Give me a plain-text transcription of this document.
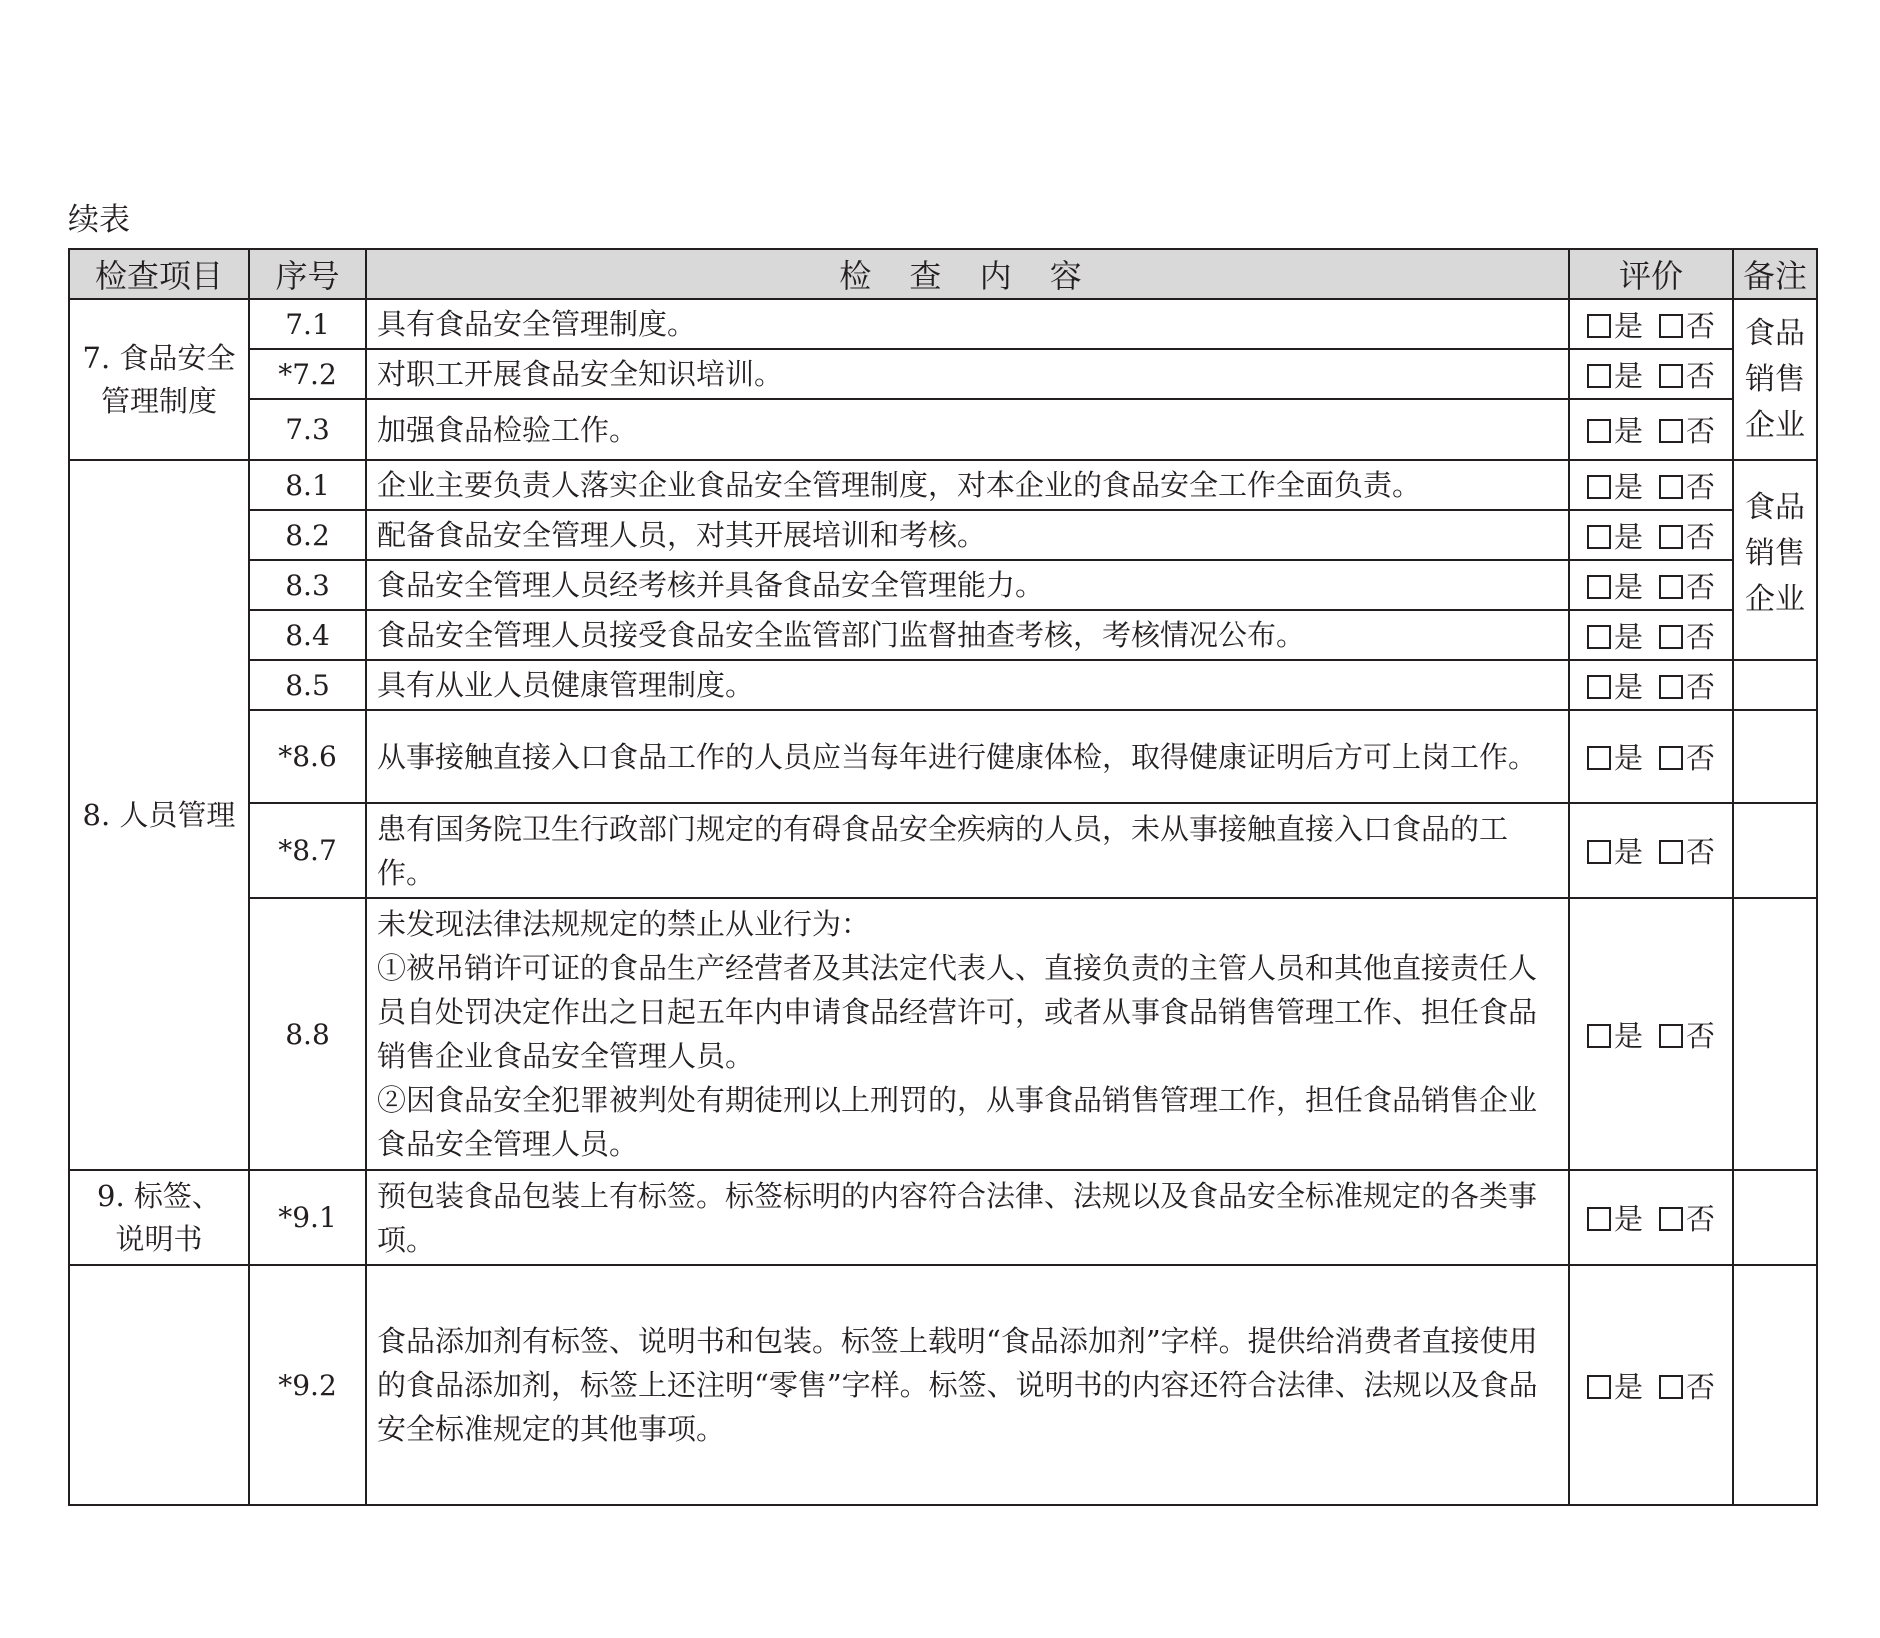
续表
检查项目	序号	检 查 内 容	评价	备注
7. 食品安全管理制度	7.1	具有食品安全管理制度。	是 否	食品销售企业
	*7.2	对职工开展食品安全知识培训。	是 否	
	7.3	加强食品检验工作。	是 否	
8. 人员管理	8.1	企业主要负责人落实企业食品安全管理制度，对本企业的食品安全工作全面负责。	是 否	食品销售企业
	8.2	配备食品安全管理人员，对其开展培训和考核。	是 否	
	8.3	食品安全管理人员经考核并具备食品安全管理能力。	是 否	
	8.4	食品安全管理人员接受食品安全监管部门监督抽查考核，考核情况公布。	是 否	
	8.5	具有从业人员健康管理制度。	是 否	
	*8.6	从事接触直接入口食品工作的人员应当每年进行健康体检，取得健康证明后方可上岗工作。	是 否	
	*8.7	患有国务院卫生行政部门规定的有碍食品安全疾病的人员，未从事接触直接入口食品的工作。	是 否	
	8.8	未发现法律法规规定的禁止从业行为：
①被吊销许可证的食品生产经营者及其法定代表人、直接负责的主管人员和其他直接责任人员自处罚决定作出之日起五年内申请食品经营许可，或者从事食品销售管理工作、担任食品销售企业食品安全管理人员。
②因食品安全犯罪被判处有期徒刑以上刑罚的，从事食品销售管理工作，担任食品销售企业食品安全管理人员。	是 否	
9. 标签、说明书	*9.1	预包装食品包装上有标签。标签标明的内容符合法律、法规以及食品安全标准规定的各类事项。	是 否	
	*9.2	食品添加剂有标签、说明书和包装。标签上载明“食品添加剂”字样。提供给消费者直接使用的食品添加剂，标签上还注明“零售”字样。标签、说明书的内容还符合法律、法规以及食品安全标准规定的其他事项。	是 否	
